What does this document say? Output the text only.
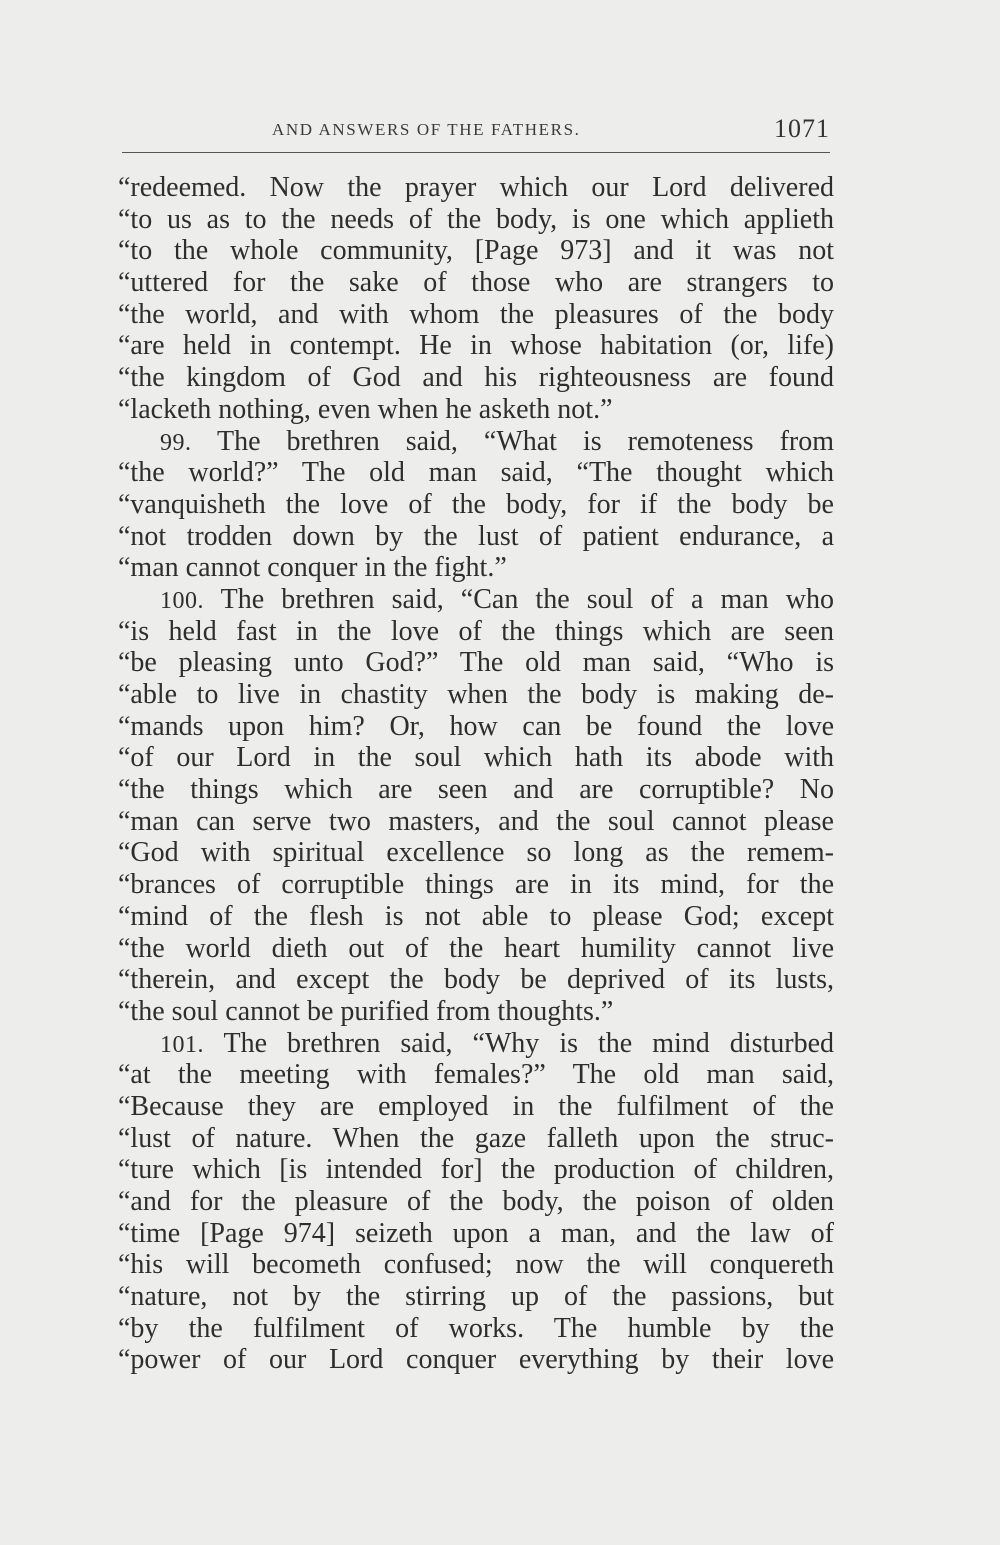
AND ANSWERS OF THE FATHERS.	1071
“redeemed. Now the prayer which our Lord delivered
“to us as to the needs of the body, is one which applieth
“to the whole community, [Page 973] and it was not
“uttered for the sake of those who are strangers to
“the world, and with whom the pleasures of the body
“are held in contempt. He in whose habitation (or, life)
“the kingdom of God and his righteousness are found
“lacketh nothing, even when he asketh not.”
99. The brethren said, “What is remoteness from
“the world?” The old man said, “The thought which
“vanquisheth the love of the body, for if the body be
“not trodden down by the lust of patient endurance, a
“man cannot conquer in the fight.”
100. The brethren said, “Can the soul of a man who
“is held fast in the love of the things which are seen
“be pleasing unto God?” The old man said, “Who is
“able to live in chastity when the body is making de-
“mands upon him? Or, how can be found the love
“of our Lord in the soul which hath its abode with
“the things which are seen and are corruptible? No
“man can serve two masters, and the soul cannot please
“God with spiritual excellence so long as the remem-
“brances of corruptible things are in its mind, for the
“mind of the flesh is not able to please God; except
“the world dieth out of the heart humility cannot live
“therein, and except the body be deprived of its lusts,
“the soul cannot be purified from thoughts.”
101. The brethren said, “Why is the mind disturbed
“at the meeting with females?” The old man said,
“Because they are employed in the fulfilment of the
“lust of nature. When the gaze falleth upon the struc-
“ture which [is intended for] the production of children,
“and for the pleasure of the body, the poison of olden
“time [Page 974] seizeth upon a man, and the law of
“his will becometh confused; now the will conquereth
“nature, not by the stirring up of the passions, but
“by the fulfilment of works. The humble by the
“power of our Lord conquer everything by their love
